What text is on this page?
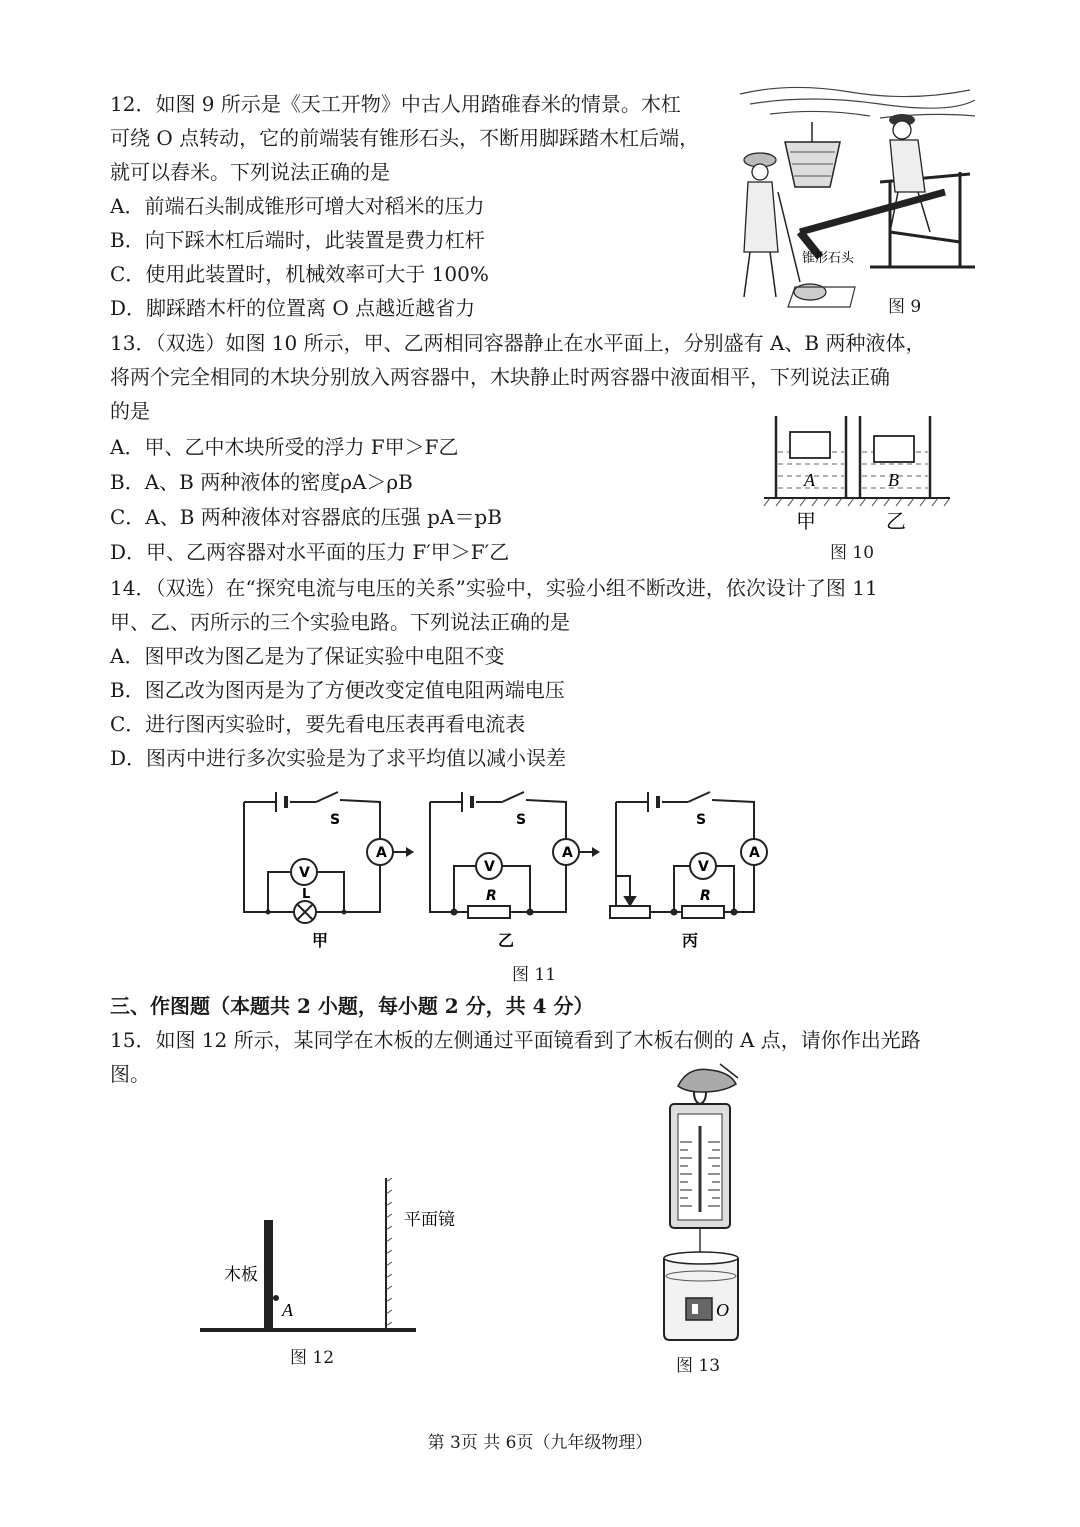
12．如图 9 所示是《天工开物》中古人用踏碓舂米的情景。木杠
可绕 O 点转动，它的前端装有锥形石头，不断用脚踩踏木杠后端，
就可以舂米。下列说法正确的是
A．前端石头制成锥形可增大对稻米的压力
B．向下踩木杠后端时，此装置是费力杠杆
C．使用此装置时，机械效率可大于 100%
D．脚踩踏木杆的位置离 O 点越近越省力
锥形石头
图 9
13．（双选）如图 10 所示，甲、乙两相同容器静止在水平面上，分别盛有 A、B 两种液体，
将两个完全相同的木块分别放入两容器中，木块静止时两容器中液面相平，下列说法正确
的是
A．甲、乙中木块所受的浮力 F甲＞F乙
B．A、B 两种液体的密度ρA＞ρB
C．A、B 两种液体对容器底的压强 pA＝pB
D．甲、乙两容器对水平面的压力 F′甲＞F′乙
A	B
甲	乙
图 10
14．（双选）在“探究电流与电压的关系”实验中，实验小组不断改进，依次设计了图 11
甲、乙、丙所示的三个实验电路。下列说法正确的是
A．图甲改为图乙是为了保证实验中电阻不变
B．图乙改为图丙是为了方便改变定值电阻两端电压
C．进行图丙实验时，要先看电压表再看电流表
D．图丙中进行多次实验是为了求平均值以减小误差
A
V
S
L
甲
A
V
S
R
乙
A
V
S
R
丙
图 11
三、作图题（本题共 2 小题，每小题 2 分，共 4 分）
15．如图 12 所示，某同学在木板的左侧通过平面镜看到了木板右侧的 A 点，请你作出光路
图。
木板
A
平面镜
图 12
O
图 13
第 3页 共 6页（九年级物理）
